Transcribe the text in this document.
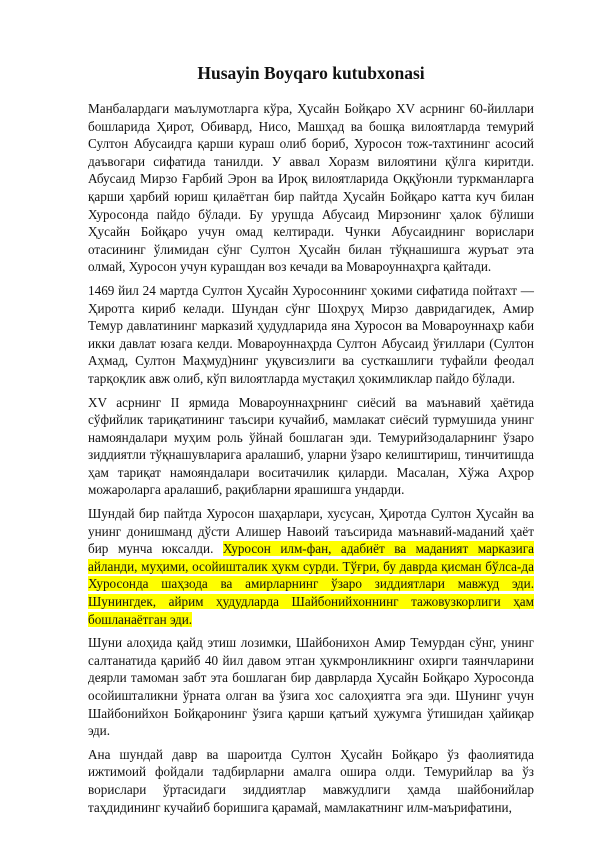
Husayin Boyqaro kutubxonasi

Манбалардаги маълумотларга кўра, Ҳусайн Бойқаро XV асрнинг 60-йиллари бошларида Ҳирот, Обивард, Нисо, Машҳад ва бошқа вилоятларда темурий Султон Абусаидга қарши кураш олиб бориб, Хуросон тож-тахтининг асосий даъвогари сифатида танилди. У аввал Хоразм вилоятини қўлга киритди. Абусаид Мирзо Ғарбий Эрон ва Ироқ вилоятларида Оққўюнли туркманларга қарши ҳарбий юриш қилаётган бир пайтда Ҳусайн Бойқаро катта куч билан Хуросонда пайдо бўлади. Бу урушда Абусаид Мирзонинг ҳалок бўлиши Ҳусайн Бойқаро учун омад келтиради. Чунки Абусаиднинг ворислари отасининг ўлимидан сўнг Султон Ҳусайн билан тўқнашишга журъат эта олмай, Хуросон учун курашдан воз кечади ва Мовароуннаҳрга қайтади.

1469 йил 24 мартда Султон Ҳусайн Хуросоннинг ҳокими сифатида пойтахт — Ҳиротга кириб келади. Шундан сўнг Шоҳруҳ Мирзо давридагидек, Амир Темур давлатининг марказий ҳудудларида яна Хуросон ва Мовароуннаҳр каби икки давлат юзага келди. Мовароуннаҳрда Султон Абусаид ўғиллари (Султон Аҳмад, Султон Маҳмуд)нинг уқувсизлиги ва сусткашлиги туфайли феодал тарқоқлик авж олиб, кўп вилоятларда мустақил ҳокимликлар пайдо бўлади.

XV асрнинг II ярмида Мовароуннаҳрнинг сиёсий ва маънавий ҳаётида сўфийлик тариқатининг таъсири кучайиб, мамлакат сиёсий турмушида унинг намояндалари муҳим роль ўйнай бошлаган эди. Темурийзодаларнинг ўзаро зиддиятли тўқнашувларига аралашиб, уларни ўзаро келиштириш, тинчитишда ҳам тариқат намояндалари воситачилик қиларди. Масалан, Хўжа Аҳрор можароларга аралашиб, рақибларни ярашишга ундарди.

Шундай бир пайтда Хуросон шаҳарлари, хусусан, Ҳиротда Султон Ҳусайн ва унинг донишманд дўсти Алишер Навоий таъсирида маънавий-маданий ҳаёт бир мунча юксалди. Хуросон илм-фан, адабиёт ва маданият марказига айланди, муҳими, осойишталик ҳукм сурди. Тўғри, бу даврда қисман бўлса-да Хуросонда шаҳзода ва амирларнинг ўзаро зиддиятлари мавжуд эди. Шунингдек, айрим ҳудудларда Шайбонийхоннинг тажовузкорлиги ҳам бошланаётган эди.

Шуни алоҳида қайд этиш лозимки, Шайбонихон Амир Темурдан сўнг, унинг салтанатида қарийб 40 йил давом этган ҳукмронликнинг охирги таянчларини деярли тамоман забт эта бошлаган бир даврларда Ҳусайн Бойқаро Хуросонда осойишталикни ўрната олган ва ўзига хос салоҳиятга эга эди. Шунинг учун Шайбонийхон Бойқаронинг ўзига қарши қатъий ҳужумга ўтишидан ҳайиқар эди.

Ана шундай давр ва шароитда Султон Ҳусайн Бойқаро ўз фаолиятида ижтимоий фойдали тадбирларни амалга ошира олди. Темурийлар ва ўз ворислари ўртасидаги зиддиятлар мавжудлиги ҳамда шайбонийлар таҳдидининг кучайиб боришига қарамай, мамлакатнинг илм-маърифатини,
